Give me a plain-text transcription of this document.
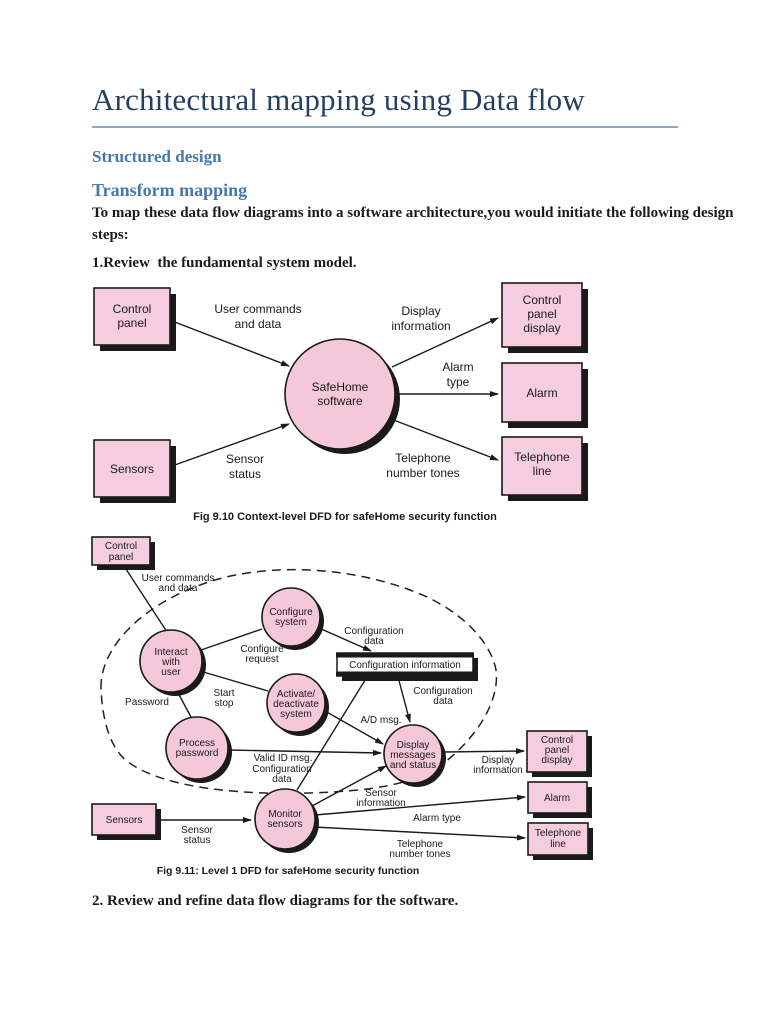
Architectural mapping using Data flow
Structured design
Transform mapping
To map these data flow diagrams into a software architecture,you would initiate the following design steps:
1.Review  the fundamental system model.
2. Review and refine data flow diagrams for the software.
Control
panel
Sensors
SafeHome
software
Control
panel
display
Alarm
Telephone
line
User commands
and data
Sensor
status
Display
information
Alarm
type
Telephone
number tones
Fig 9.10 Context-level DFD for safeHome security function
Control
panel
Sensors
Control
panel
display
Alarm
Telephone
line
Configuration information
Interact
with
user
Configure
system
Activate/
deactivate
system
Process
password
Display
messages
and status
Monitor
sensors
User commands
and data
Configure
request
Start
stop
Password
Configuration
data
Configuration
data
A/D msg.
Valid ID msg.
Configuration
data
Sensor
information
Sensor
status
Alarm type
Telephone
number tones
Display
information
Fig 9.11: Level 1 DFD for safeHome security function
